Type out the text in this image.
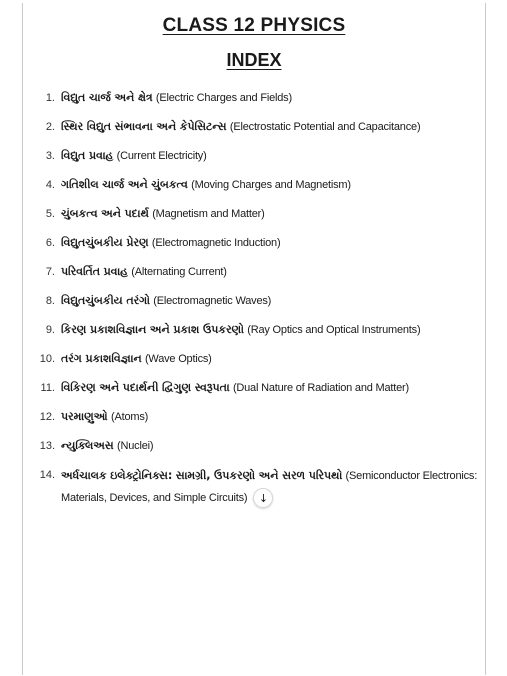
CLASS 12 PHYSICS
INDEX
1. વિદ્યુત ચાર્જ અને ક્ષેત્ર (Electric Charges and Fields)
2. સ્થિર વિદ્યુત સંભાવના અને કેપેસિટન્સ (Electrostatic Potential and Capacitance)
3. વિદ્યુત પ્રવાહ (Current Electricity)
4. ગતિશીલ ચાર્જ અને ચુંબકત્વ (Moving Charges and Magnetism)
5. ચુંબકત્વ અને પદાર્થ (Magnetism and Matter)
6. વિદ્યુતચુંબકીય પ્રેરણ (Electromagnetic Induction)
7. પરિવર્તિત પ્રવાહ (Alternating Current)
8. વિદ્યુતચુંબકીય તરંગો (Electromagnetic Waves)
9. કિરણ પ્રકાશવિજ્ઞાન અને પ્રકાશ ઉપકરણો (Ray Optics and Optical Instruments)
10. તરંગ પ્રકાશવિજ્ઞાન (Wave Optics)
11. વિકિરણ અને પદાર્થની દ્વિગુણ સ્વરૂપતા (Dual Nature of Radiation and Matter)
12. પરમાણુઓ (Atoms)
13. ન્યુક્લિઅસ (Nuclei)
14. અર્ધચાલક ઇલેક્ટ્રોનિક્સ: સામગ્રી, ઉપકરણો અને સરળ પરિપથો (Semiconductor Electronics: Materials, Devices, and Simple Circuits) ↓
